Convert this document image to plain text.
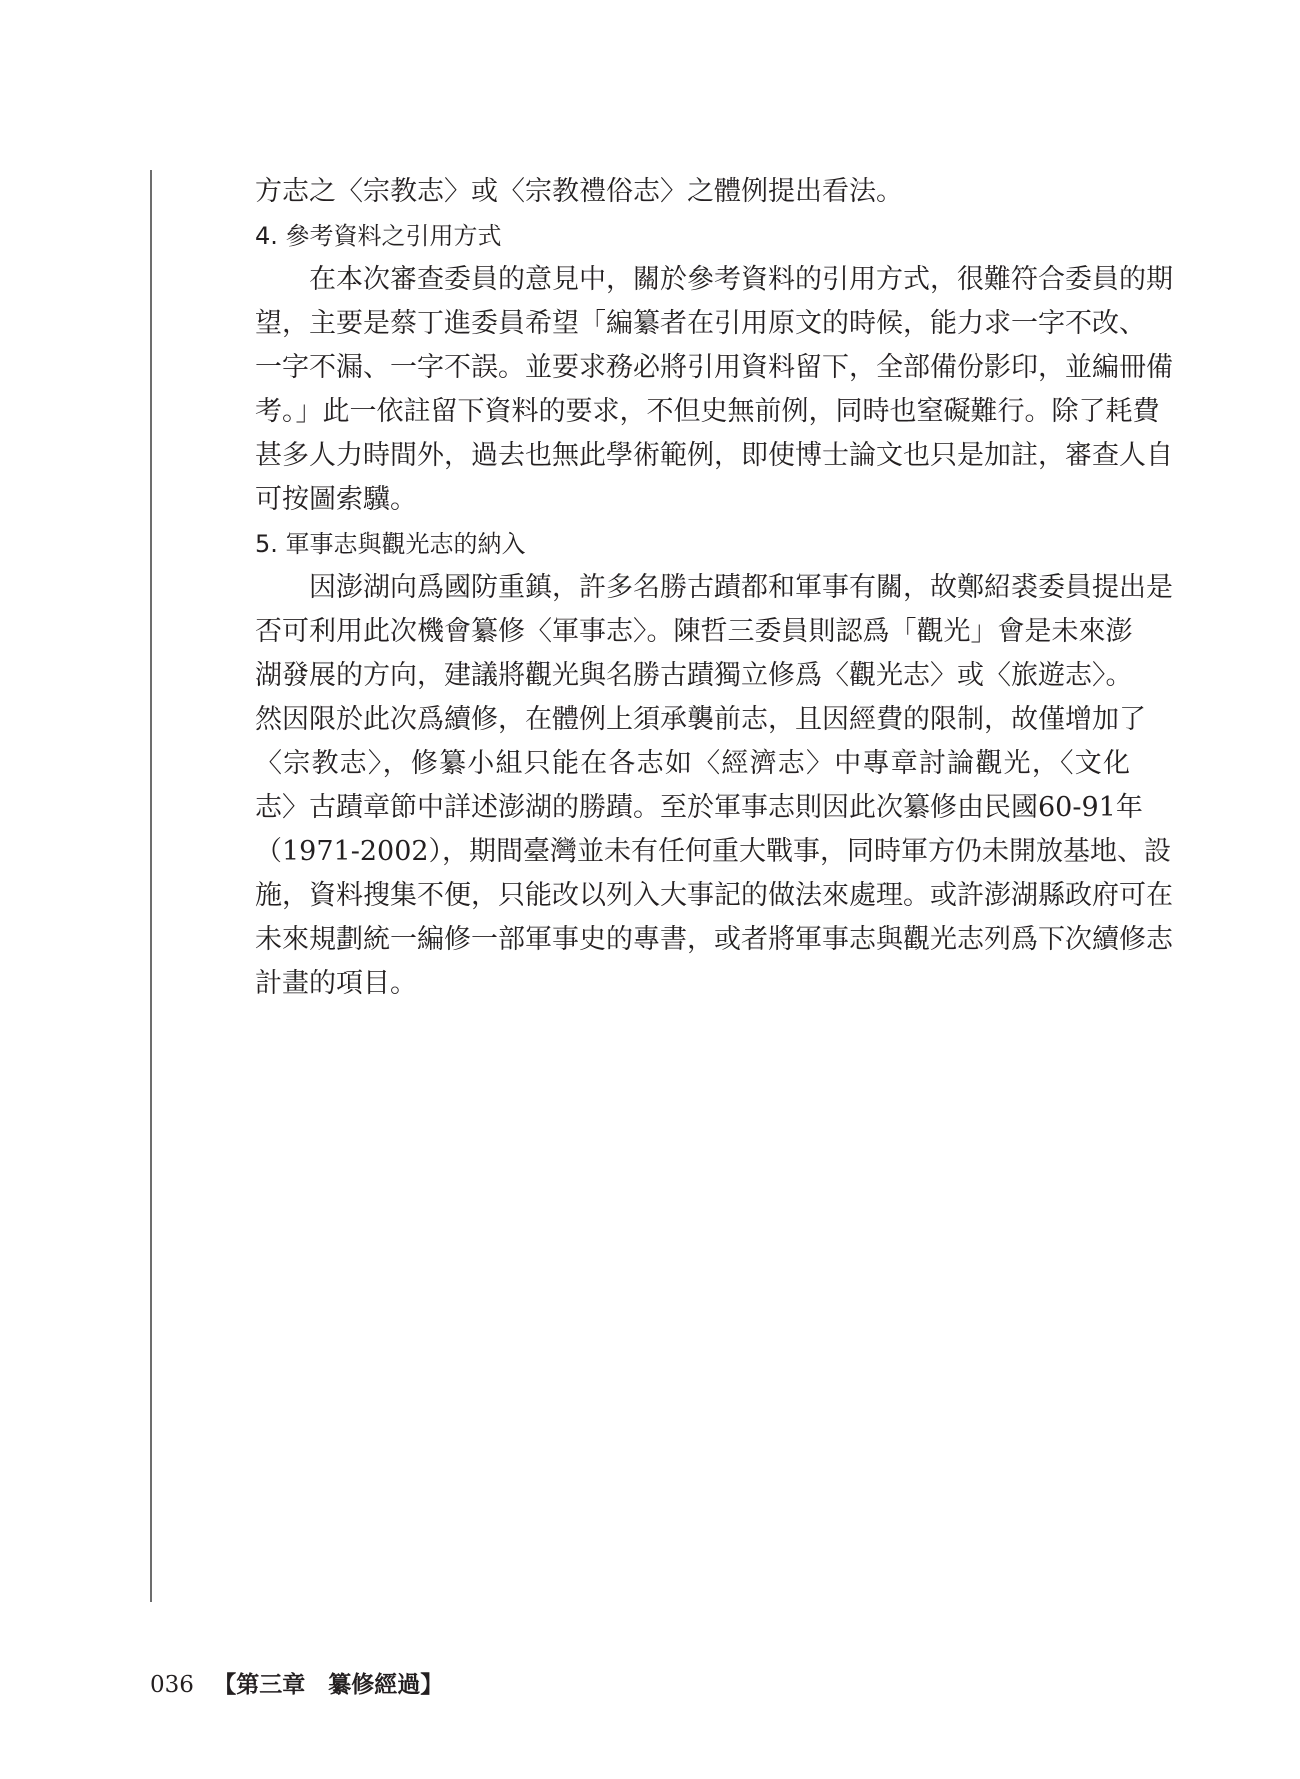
方志之〈宗教志〉或〈宗教禮俗志〉之體例提出看法。
4. 參考資料之引用方式
在本次審查委員的意見中，關於參考資料的引用方式，很難符合委員的期
望，主要是蔡丁進委員希望「編纂者在引用原文的時候，能力求一字不改、
一字不漏、一字不誤。並要求務必將引用資料留下，全部備份影印，並編冊備
考。」此一依註留下資料的要求，不但史無前例，同時也窒礙難行。除了耗費
甚多人力時間外，過去也無此學術範例，即使博士論文也只是加註，審查人自
可按圖索驥。
5. 軍事志與觀光志的納入
因澎湖向爲國防重鎮，許多名勝古蹟都和軍事有關，故鄭紹裘委員提出是
否可利用此次機會纂修〈軍事志〉。陳哲三委員則認爲「觀光」會是未來澎
湖發展的方向，建議將觀光與名勝古蹟獨立修爲〈觀光志〉或〈旅遊志〉。
然因限於此次爲續修，在體例上須承襲前志，且因經費的限制，故僅增加了
〈宗教志〉，修纂小組只能在各志如〈經濟志〉中專章討論觀光，〈文化
志〉古蹟章節中詳述澎湖的勝蹟。至於軍事志則因此次纂修由民國60-91年
（1971-2002），期間臺灣並未有任何重大戰事，同時軍方仍未開放基地、設
施，資料搜集不便，只能改以列入大事記的做法來處理。或許澎湖縣政府可在
未來規劃統一編修一部軍事史的專書，或者將軍事志與觀光志列爲下次續修志
計畫的項目。
036 【第三章　纂修經過】
